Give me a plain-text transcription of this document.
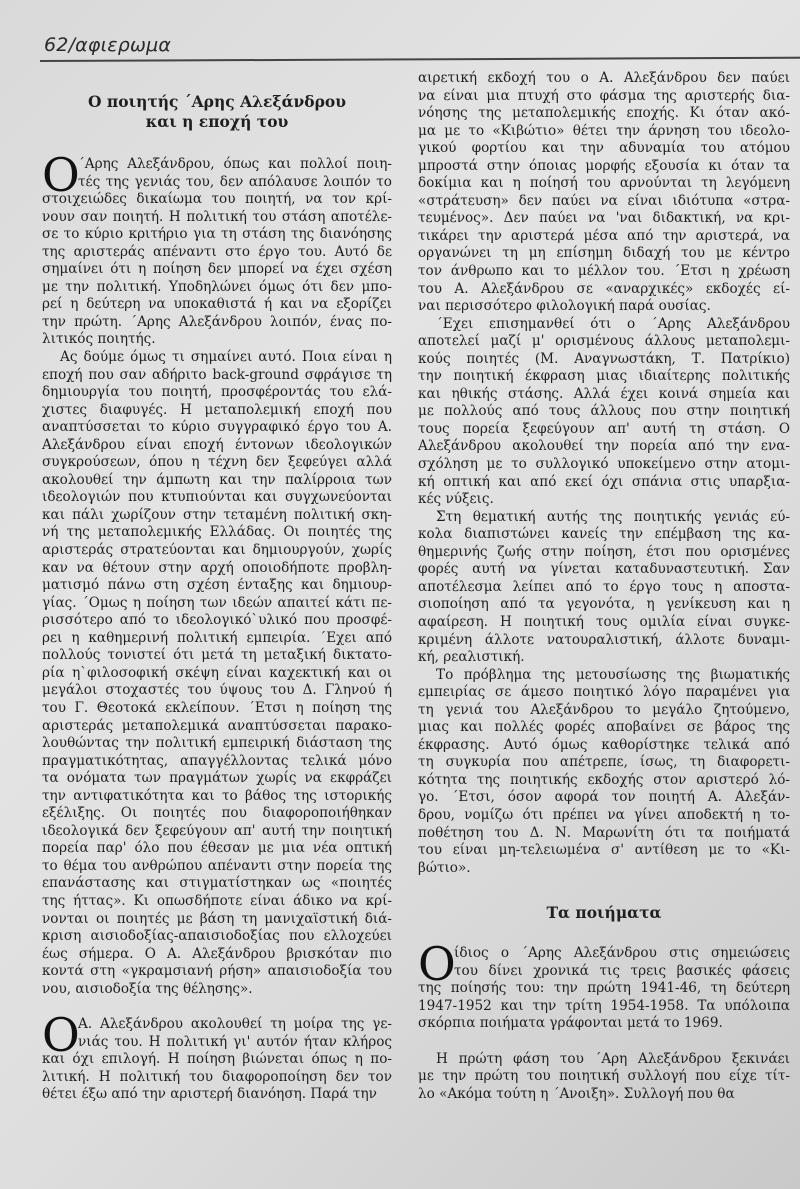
62/αφιερωμα
Ο ποιητής ΄Αρης Αλεξάνδρου
και η εποχή του
Ο
΄Αρης Αλεξάνδρου, όπως και πολλοί ποιη-
τές της γενιάς του, δεν απόλαυσε λοιπόν το
στοιχειώδες δικαίωμα του ποιητή, να τον κρί-
νουν σαν ποιητή. Η πολιτική του στάση αποτέλε-
σε το κύριο κριτήριο για τη στάση της διανόησης
της αριστεράς απέναντι στο έργο του. Αυτό δε
σημαίνει ότι η ποίηση δεν μπορεί να έχει σχέση
με την πολιτική. Υποδηλώνει όμως ότι δεν μπο-
ρεί η δεύτερη να υποκαθιστά ή και να εξορίζει
την πρώτη. ΄Αρης Αλεξάνδρου λοιπόν, ένας πο-
λιτικός ποιητής.
Ας δούμε όμως τι σημαίνει αυτό. Ποια είναι η
εποχή που σαν αδήριτο back-ground σφράγισε τη
δημιουργία του ποιητή, προσφέροντάς του ελά-
χιστες διαφυγές. Η μεταπολεμική εποχή που
αναπτύσσεται το κύριο συγγραφικό έργο του Α.
Αλεξάνδρου είναι εποχή έντονων ιδεολογικών
συγκρούσεων, όπου η τέχνη δεν ξεφεύγει αλλά
ακολουθεί την άμπωτη και την παλίρροια των
ιδεολογιών που κτυπιούνται και συγχωνεύονται
και πάλι χωρίζουν στην τεταμένη πολιτική σκη-
νή της μεταπολεμικής Ελλάδας. Οι ποιητές της
αριστεράς στρατεύονται και δημιουργούν, χωρίς
καν να θέτουν στην αρχή οποιοδήποτε προβλη-
ματισμό πάνω στη σχέση ένταξης και δημιουρ-
γίας. ΄Ομως η ποίηση των ιδεών απαιτεί κάτι πε-
ρισσότερο από το ιδεολογικό`υλικό που προσφέ-
ρει η καθημερινή πολιτική εμπειρία. ΄Εχει από
πολλούς τονιστεί ότι μετά τη μεταξική δικτατο-
ρία η`φιλοσοφική σκέψη είναι καχεκτική και οι
μεγάλοι στοχαστές του ύψους του Δ. Γληνού ή
του Γ. Θεοτοκά εκλείπουν. ΄Ετσι η ποίηση της
αριστεράς μεταπολεμικά αναπτύσσεται παρακο-
λουθώντας την πολιτική εμπειρική διάσταση της
πραγματικότητας, απαγγέλλοντας τελικά μόνο
τα ονόματα των πραγμάτων χωρίς να εκφράζει
την αντιφατικότητα και το βάθος της ιστορικής
εξέλιξης. Οι ποιητές που διαφοροποιήθηκαν
ιδεολογικά δεν ξεφεύγουν απ' αυτή την ποιητική
πορεία παρ' όλο που έθεσαν με μια νέα οπτική
το θέμα του ανθρώπου απέναντι στην πορεία της
επανάστασης και στιγματίστηκαν ως «ποιητές
της ήττας». Κι οπωσδήποτε είναι άδικο να κρί-
νονται οι ποιητές με βάση τη μανιχαϊστική διά-
κριση αισιοδοξίας-απαισιοδοξίας που ελλοχεύει
έως σήμερα. Ο Α. Αλεξάνδρου βρισκόταν πιο
κοντά στη «γκραμσιανή ρήση» απαισιοδοξία του
νου, αισιοδοξία της θέλησης».
Ο
Α. Αλεξάνδρου ακολουθεί τη μοίρα της γε-
νιάς του. Η πολιτική γι' αυτόν ήταν κλήρος
και όχι επιλογή. Η ποίηση βιώνεται όπως η πο-
λιτική. Η πολιτική του διαφοροποίηση δεν τον
θέτει έξω από την αριστερή διανόηση. Παρά την
αιρετική εκδοχή του ο Α. Αλεξάνδρου δεν παύει
να είναι μια πτυχή στο φάσμα της αριστερής δια-
νόησης της μεταπολεμικής εποχής. Κι όταν ακό-
μα με το «Κιβώτιο» θέτει την άρνηση του ιδεολο-
γικού φορτίου και την αδυναμία του ατόμου
μπροστά στην όποιας μορφής εξουσία κι όταν τα
δοκίμια και η ποίησή του αρνούνται τη λεγόμενη
«στράτευση» δεν παύει να είναι ιδιότυπα «στρα-
τευμένος». Δεν παύει να 'ναι διδακτική, να κρι-
τικάρει την αριστερά μέσα από την αριστερά, να
οργανώνει τη μη επίσημη διδαχή του με κέντρο
τον άνθρωπο και το μέλλον του. ΄Ετσι η χρέωση
του Α. Αλεξάνδρου σε «αναρχικές» εκδοχές εί-
ναι περισσότερο φιλολογική παρά ουσίας.
΄Εχει επισημανθεί ότι ο ΄Αρης Αλεξάνδρου
αποτελεί μαζί μ' ορισμένους άλλους μεταπολεμι-
κούς ποιητές (Μ. Αναγνωστάκη, Τ. Πατρίκιο)
την ποιητική έκφραση μιας ιδιαίτερης πολιτικής
και ηθικής στάσης. Αλλά έχει κοινά σημεία και
με πολλούς από τους άλλους που στην ποιητική
τους πορεία ξεφεύγουν απ' αυτή τη στάση. Ο
Αλεξάνδρου ακολουθεί την πορεία από την ενα-
σχόληση με το συλλογικό υποκείμενο στην ατομι-
κή οπτική και από εκεί όχι σπάνια στις υπαρξια-
κές νύξεις.
Στη θεματική αυτής της ποιητικής γενιάς εύ-
κολα διαπιστώνει κανείς την επέμβαση της κα-
θημερινής ζωής στην ποίηση, έτσι που ορισμένες
φορές αυτή να γίνεται καταδυναστευτική. Σαν
αποτέλεσμα λείπει από το έργο τους η αποστα-
σιοποίηση από τα γεγονότα, η γενίκευση και η
αφαίρεση. Η ποιητική τους ομιλία είναι συγκε-
κριμένη άλλοτε νατουραλιστική, άλλοτε δυναμι-
κή, ρεαλιστική.
Το πρόβλημα της μετουσίωσης της βιωματικής
εμπειρίας σε άμεσο ποιητικό λόγο παραμένει για
τη γενιά του Αλεξάνδρου το μεγάλο ζητούμενο,
μιας και πολλές φορές αποβαίνει σε βάρος της
έκφρασης. Αυτό όμως καθορίστηκε τελικά από
τη συγκυρία που απέτρεπε, ίσως, τη διαφορετι-
κότητα της ποιητικής εκδοχής στον αριστερό λό-
γο. ΄Ετσι, όσον αφορά τον ποιητή Α. Αλεξάν-
δρου, νομίζω ότι πρέπει να γίνει αποδεκτή η το-
ποθέτηση του Δ. Ν. Μαρωνίτη ότι τα ποιήματά
του είναι μη-τελειωμένα σ' αντίθεση με το «Κι-
βώτιο».
Τα ποιήματα
Ο
ίδιος ο ΄Αρης Αλεξάνδρου στις σημειώσεις
του δίνει χρονικά τις τρεις βασικές φάσεις
της ποίησής του: την πρώτη 1941-46, τη δεύτερη
1947-1952 και την τρίτη 1954-1958. Τα υπόλοιπα
σκόρπια ποιήματα γράφονται μετά το 1969.
Η πρώτη φάση του ΄Αρη Αλεξάνδρου ξεκινάει
με την πρώτη του ποιητική συλλογή που είχε τίτ-
λο «Ακόμα τούτη η ΄Ανοιξη». Συλλογή που θα
